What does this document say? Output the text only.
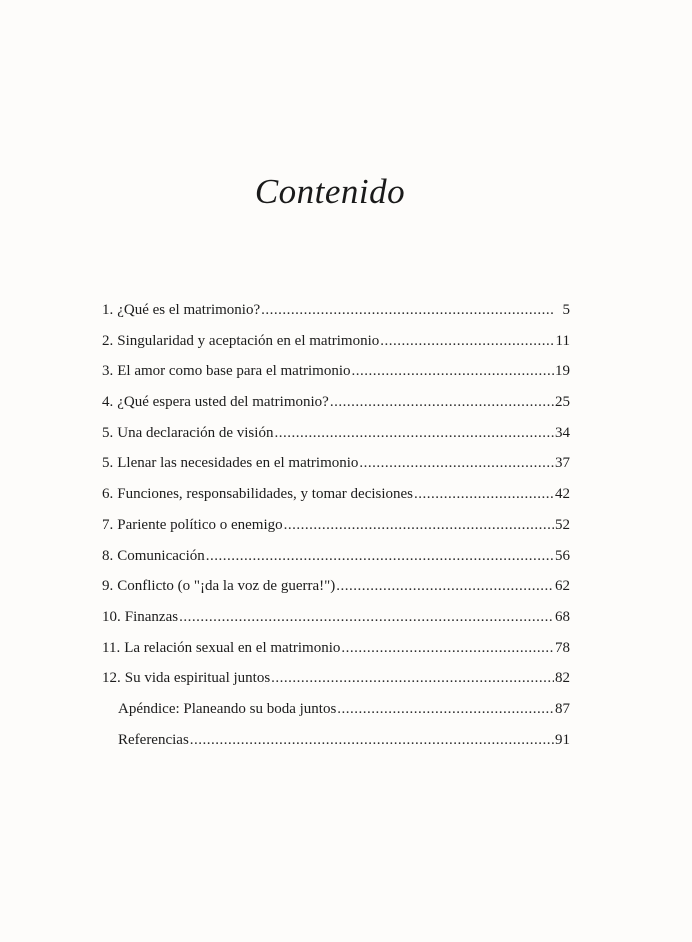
Contenido
1. ¿Qué es el matrimonio? .....	5
2. Singularidad y aceptación en el matrimonio .....	11
3. El amor como base para el matrimonio .....	19
4. ¿Qué espera usted del matrimonio? .....	25
5. Una declaración de visión .....	34
5. Llenar las necesidades en el matrimonio .....	37
6. Funciones, responsabilidades, y tomar decisiones .....	42
7. Pariente político o enemigo .....	52
8. Comunicación .....	56
9. Conflicto (o "¡da la voz de guerra!") .....	62
10. Finanzas .....	68
11. La relación sexual en el matrimonio .....	78
12. Su vida espiritual juntos .....	82
Apéndice: Planeando su boda juntos .....	87
Referencias .....	91
